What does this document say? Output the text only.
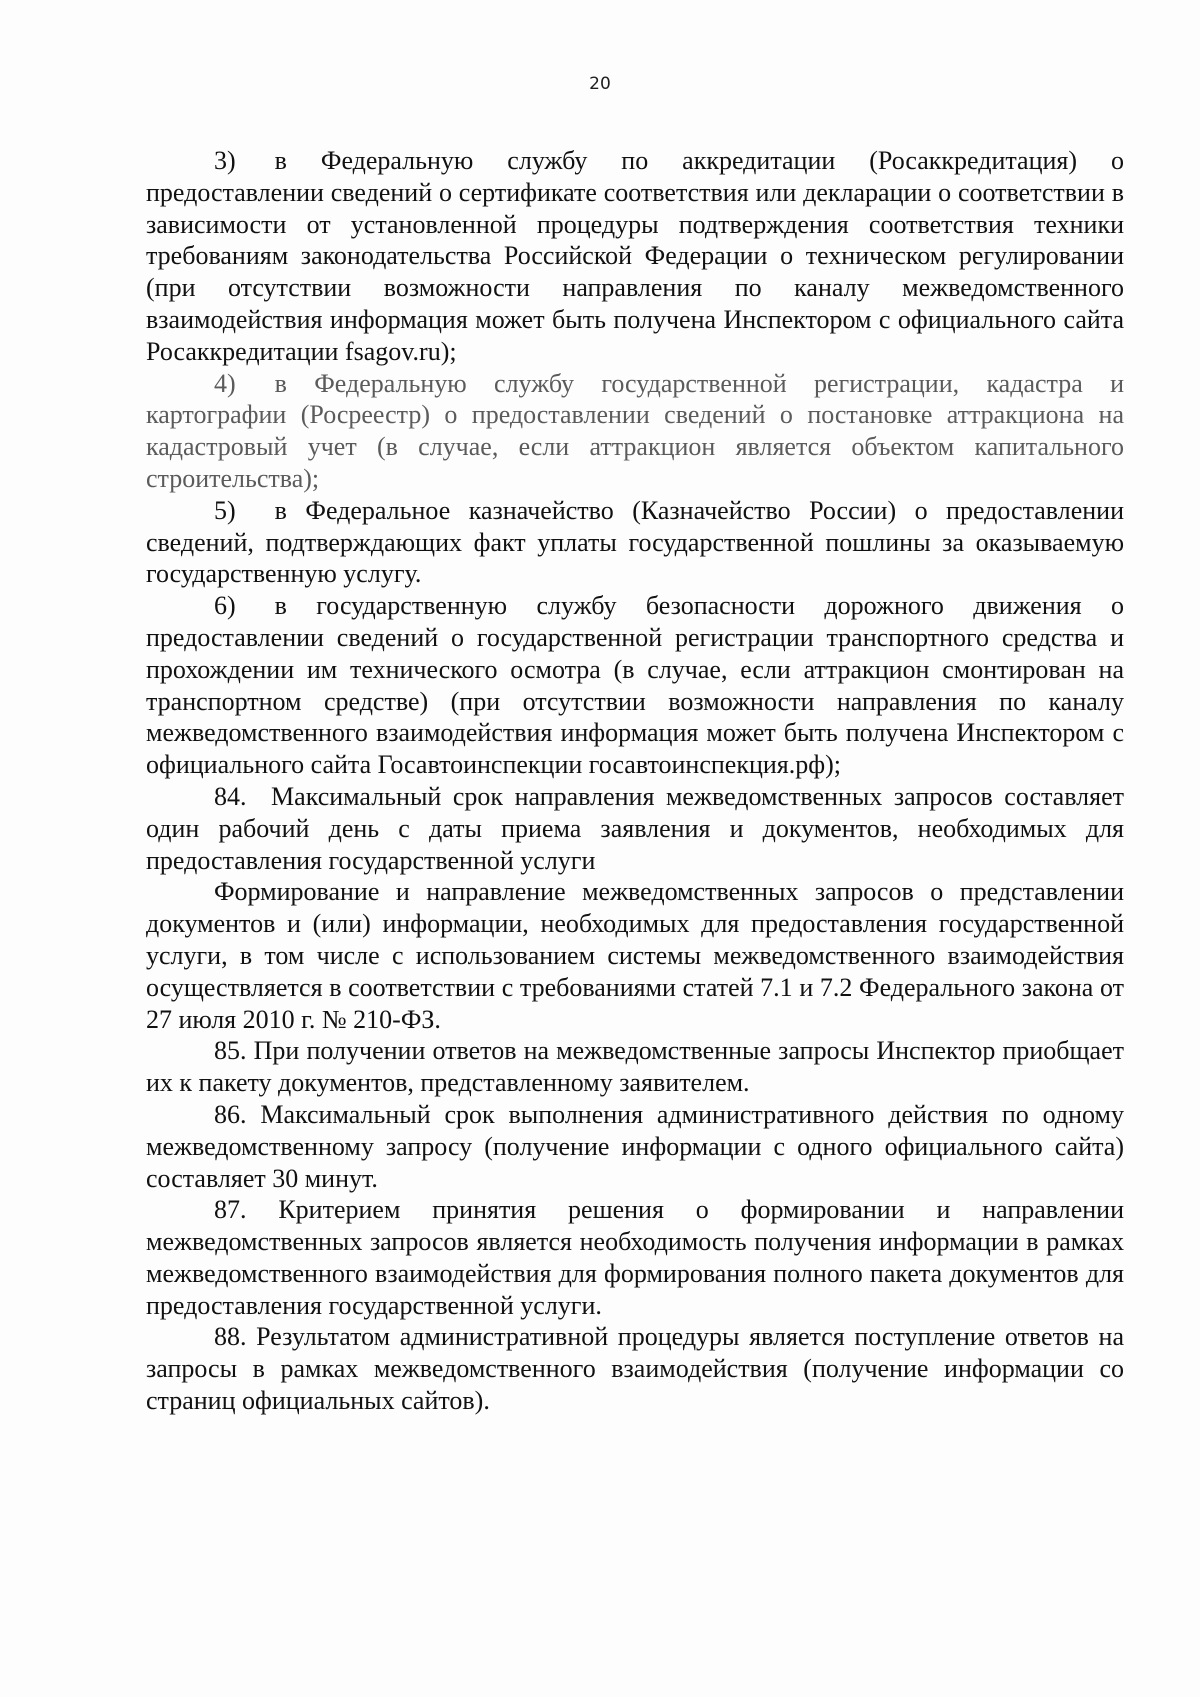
20

3)  в Федеральную службу по аккредитации (Росаккредитация) о предоставлении сведений о сертификате соответствия или декларации о соответствии в зависимости от установленной процедуры подтверждения соответствия техники требованиям законодательства Российской Федерации о техническом регулировании (при отсутствии возможности направления по каналу межведомственного взаимодействия информация может быть получена Инспектором с официального сайта Росаккредитации fsagov.ru);

4)  в Федеральную службу государственной регистрации, кадастра и картографии (Росреестр) о предоставлении сведений о постановке аттракциона на кадастровый учет (в случае, если аттракцион является объектом капитального строительства);

5)  в Федеральное казначейство (Казначейство России) о предоставлении сведений, подтверждающих факт уплаты государственной пошлины за оказываемую государственную услугу.

6)  в государственную службу безопасности дорожного движения о предоставлении сведений о государственной регистрации транспортного средства и прохождении им технического осмотра (в случае, если аттракцион смонтирован на транспортном средстве) (при отсутствии возможности направления по каналу межведомственного взаимодействия информация может быть получена Инспектором с официального сайта Госавтоинспекции госавтоинспекция.рф);

84.  Максимальный срок направления межведомственных запросов составляет один рабочий день с даты приема заявления и документов, необходимых для предоставления государственной услуги

Формирование и направление межведомственных запросов о представлении документов и (или) информации, необходимых для предоставления государственной услуги, в том числе с использованием системы межведомственного взаимодействия осуществляется в соответствии с требованиями статей 7.1 и 7.2 Федерального закона от 27 июля 2010 г. № 210-ФЗ.

85. При получении ответов на межведомственные запросы Инспектор приобщает их к пакету документов, представленному заявителем.

86. Максимальный срок выполнения административного действия по одному межведомственному запросу (получение информации с одного официального сайта) составляет 30 минут.

87. Критерием принятия решения о формировании и направлении межведомственных запросов является необходимость получения информации в рамках межведомственного взаимодействия для формирования полного пакета документов для предоставления государственной услуги.

88. Результатом административной процедуры является поступление ответов на запросы в рамках межведомственного взаимодействия (получение информации со страниц официальных сайтов).
